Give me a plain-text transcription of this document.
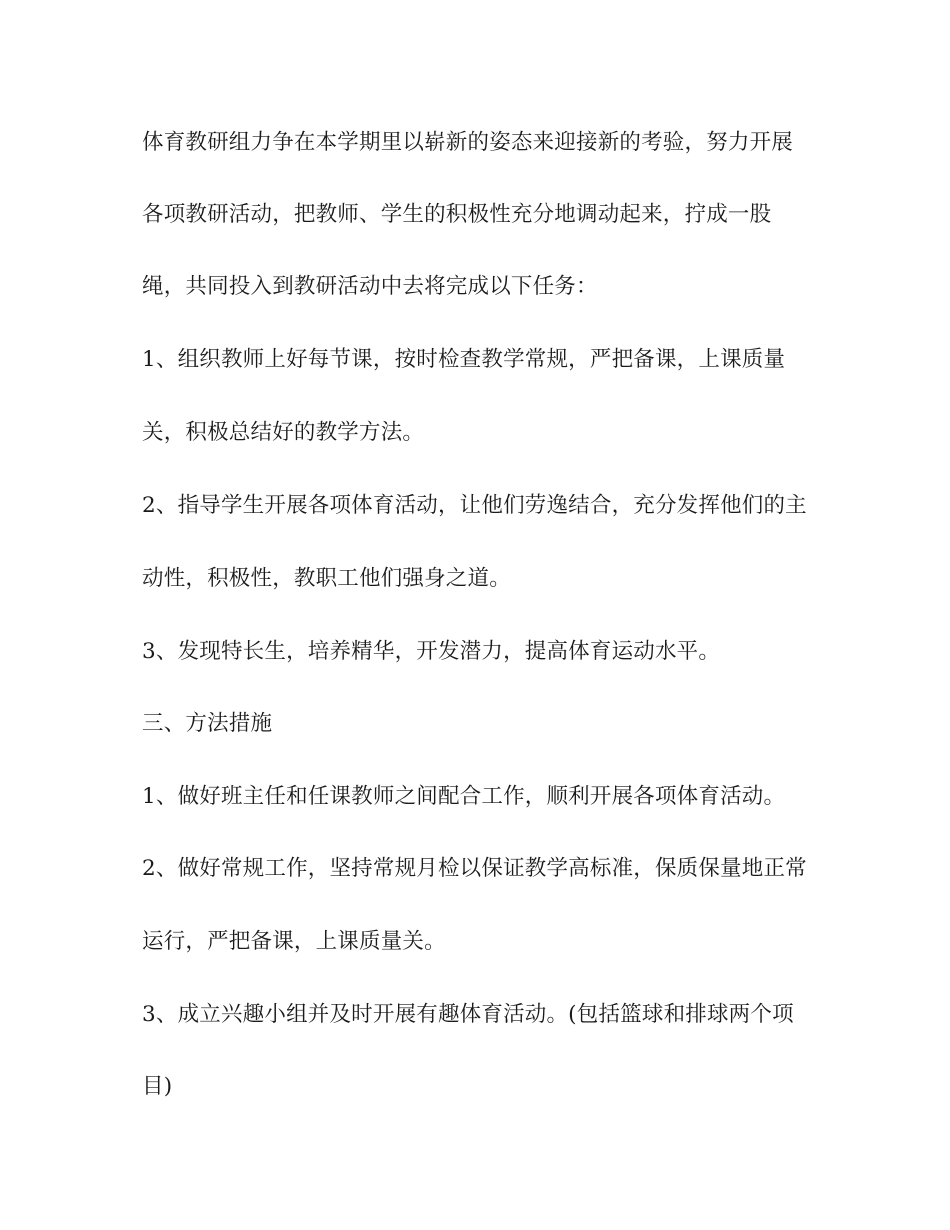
体育教研组力争在本学期里以崭新的姿态来迎接新的考验，努力开展
各项教研活动，把教师、学生的积极性充分地调动起来，拧成一股
绳，共同投入到教研活动中去将完成以下任务：
1、组织教师上好每节课，按时检查教学常规，严把备课，上课质量
关，积极总结好的教学方法。
2、指导学生开展各项体育活动，让他们劳逸结合，充分发挥他们的主
动性，积极性，教职工他们强身之道。
3、发现特长生，培养精华，开发潜力，提高体育运动水平。
三、方法措施
1、做好班主任和任课教师之间配合工作，顺利开展各项体育活动。
2、做好常规工作，坚持常规月检以保证教学高标准，保质保量地正常
运行，严把备课，上课质量关。
3、成立兴趣小组并及时开展有趣体育活动。(包括篮球和排球两个项
目)
